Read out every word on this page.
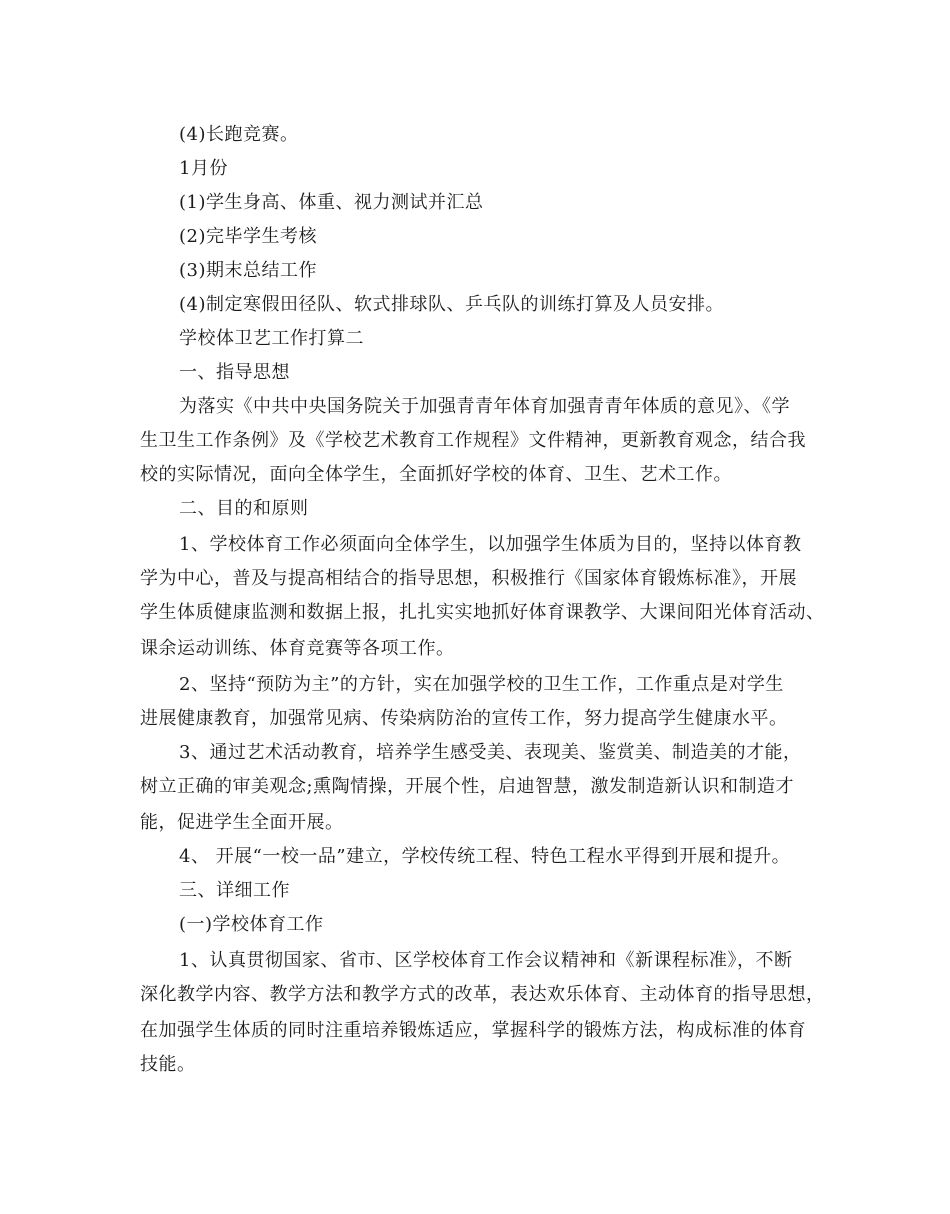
(4)长跑竞赛。
1月份
(1)学生身高、体重、视力测试并汇总
(2)完毕学生考核
(3)期末总结工作
(4)制定寒假田径队、软式排球队、乒乓队的训练打算及人员安排。
学校体卫艺工作打算二
一、指导思想
为落实《中共中央国务院关于加强青青年体育加强青青年体质的意见》、《学
生卫生工作条例》及《学校艺术教育工作规程》文件精神，更新教育观念，结合我
校的实际情况，面向全体学生，全面抓好学校的体育、卫生、艺术工作。
二、目的和原则
1、学校体育工作必须面向全体学生，以加强学生体质为目的，坚持以体育教
学为中心，普及与提高相结合的指导思想，积极推行《国家体育锻炼标准》，开展
学生体质健康监测和数据上报，扎扎实实地抓好体育课教学、大课间阳光体育活动、
课余运动训练、体育竞赛等各项工作。
2、坚持“预防为主”的方针，实在加强学校的卫生工作，工作重点是对学生
进展健康教育，加强常见病、传染病防治的宣传工作，努力提高学生健康水平。
3、通过艺术活动教育，培养学生感受美、表现美、鉴赏美、制造美的才能，
树立正确的审美观念;熏陶情操，开展个性，启迪智慧，激发制造新认识和制造才
能，促进学生全面开展。
4、 开展“一校一品”建立，学校传统工程、特色工程水平得到开展和提升。
三、详细工作
(一)学校体育工作
1、认真贯彻国家、省市、区学校体育工作会议精神和《新课程标准》，不断
深化教学内容、教学方法和教学方式的改革，表达欢乐体育、主动体育的指导思想，
在加强学生体质的同时注重培养锻炼适应，掌握科学的锻炼方法，构成标准的体育
技能。
